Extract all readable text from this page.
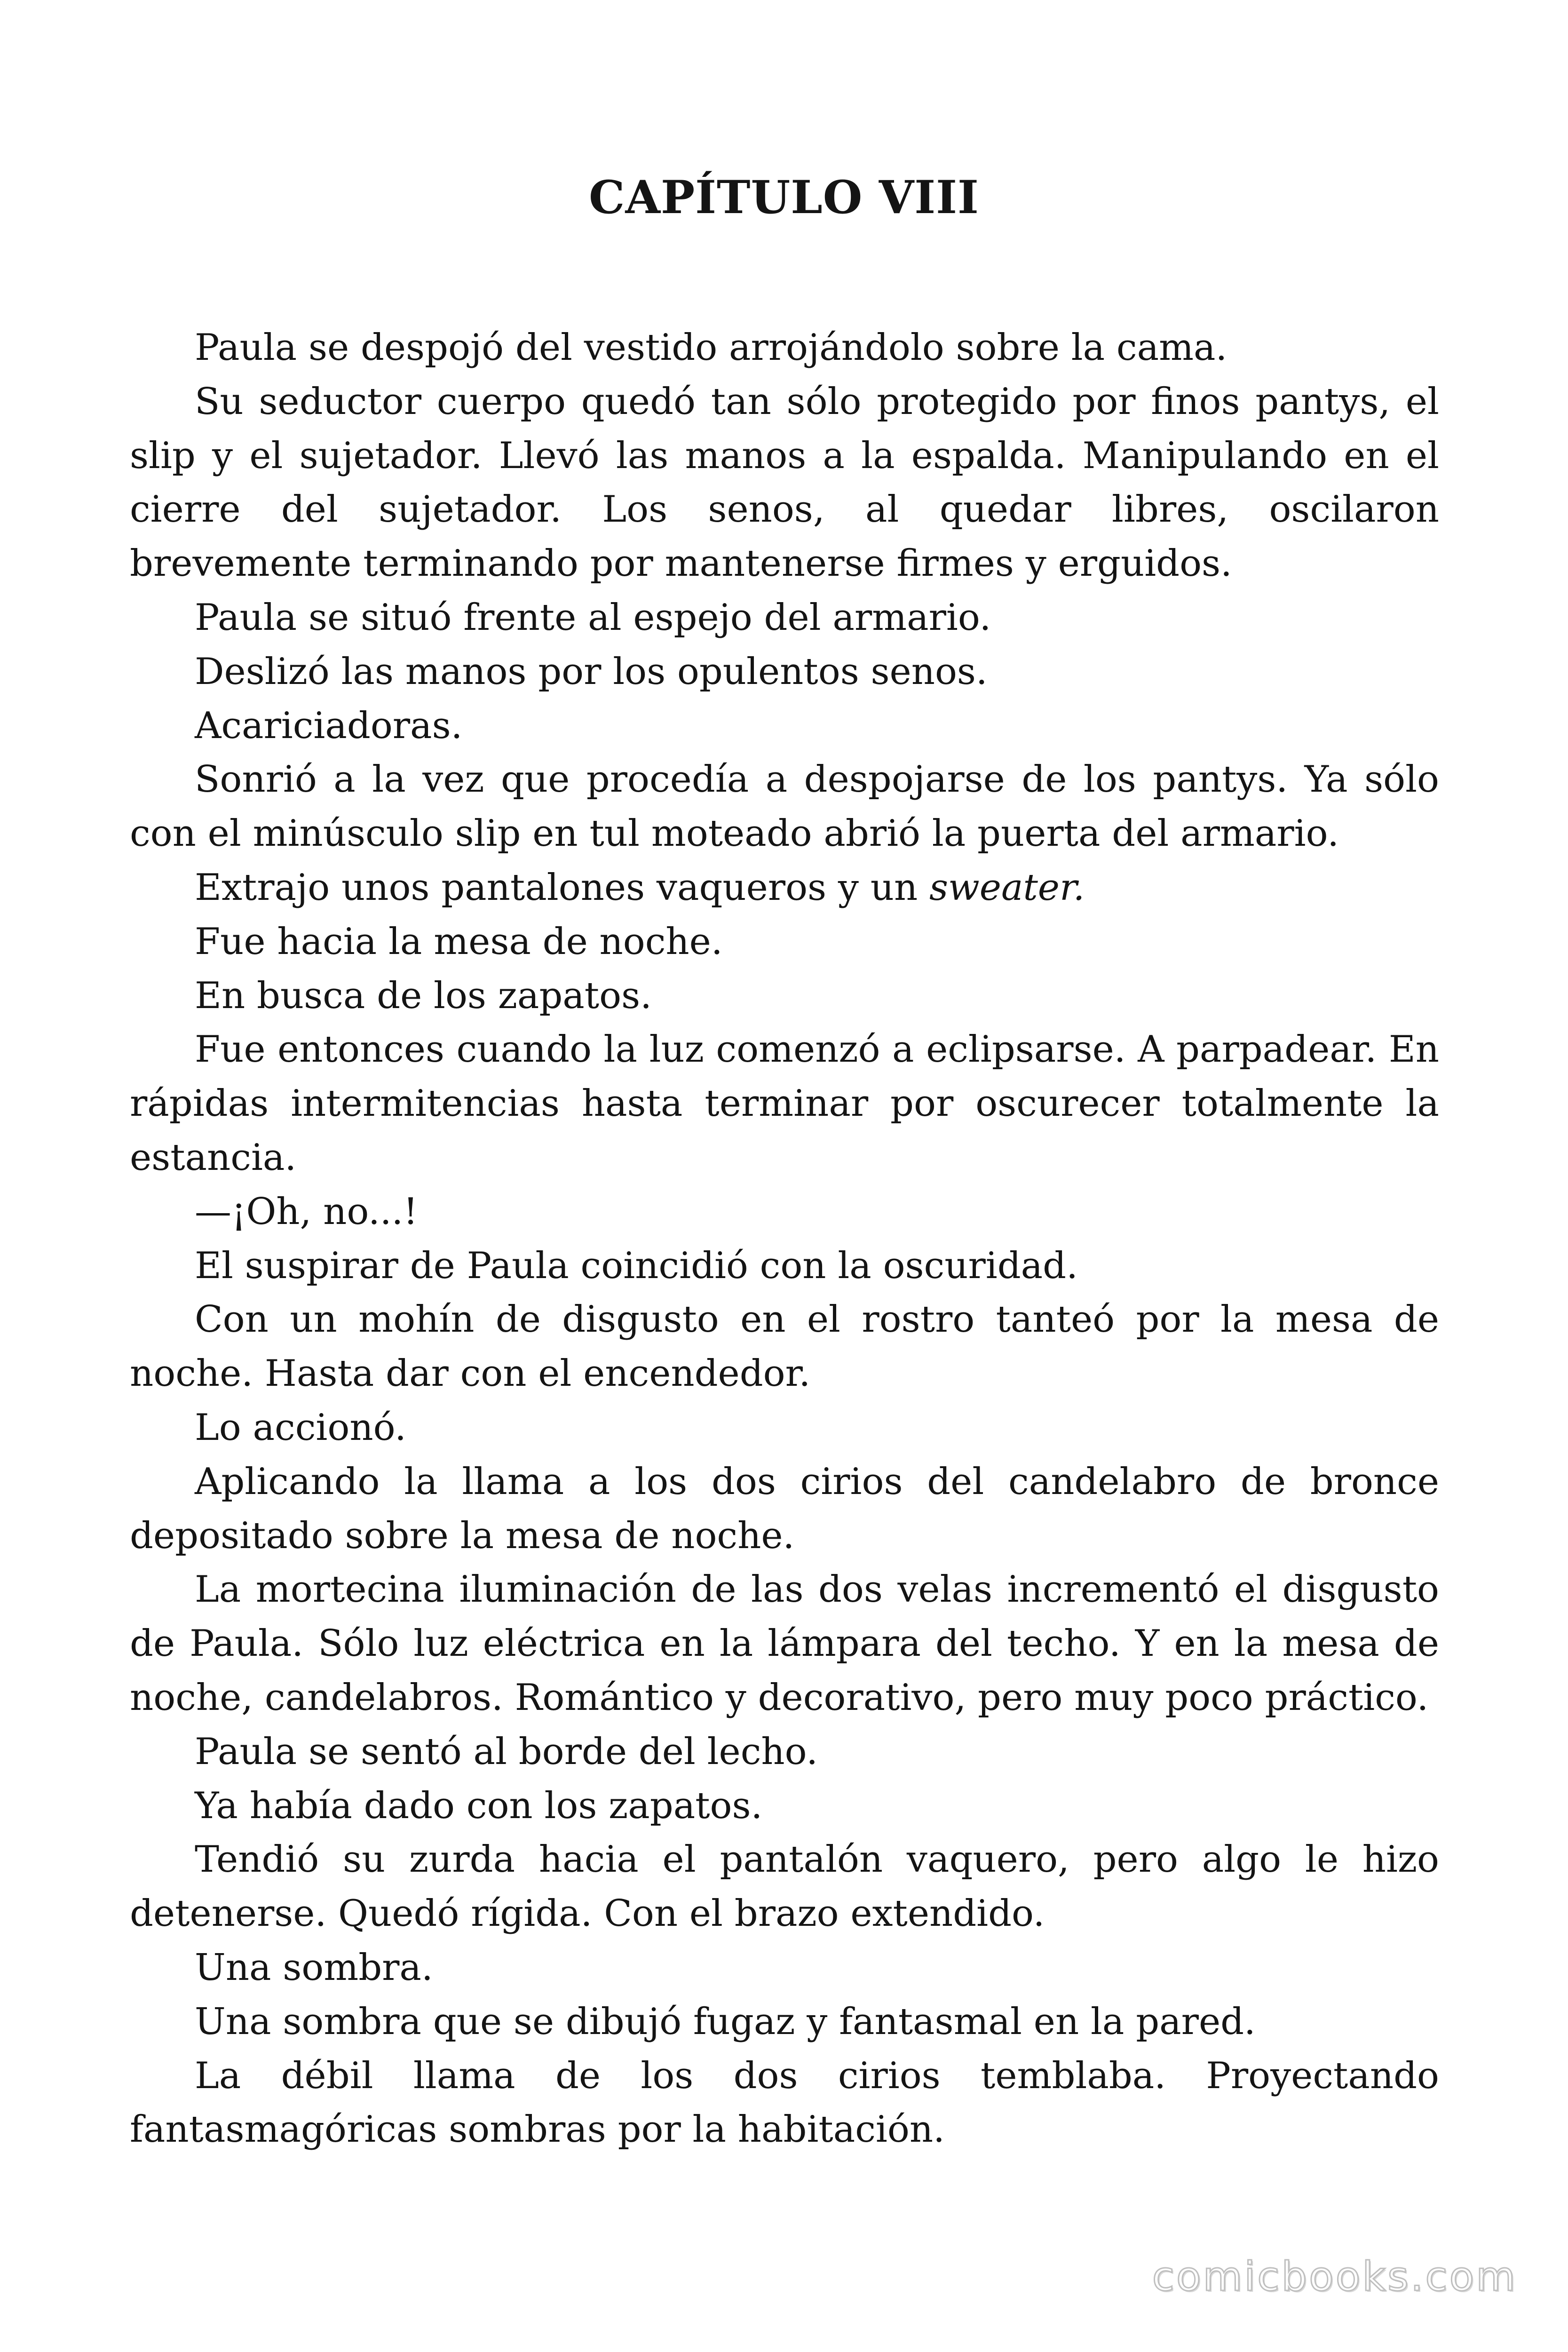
CAPÍTULO VIII

Paula se despojó del vestido arrojándolo sobre la cama.

Su seductor cuerpo quedó tan sólo protegido por finos pantys, el slip y el sujetador. Llevó las manos a la espalda. Manipulando en el cierre del sujetador. Los senos, al quedar libres, oscilaron brevemente terminando por mantenerse firmes y erguidos.

Paula se situó frente al espejo del armario.

Deslizó las manos por los opulentos senos.

Acariciadoras.

Sonrió a la vez que procedía a despojarse de los pantys. Ya sólo con el minúsculo slip en tul moteado abrió la puerta del armario.

Extrajo unos pantalones vaqueros y un sweater.

Fue hacia la mesa de noche.

En busca de los zapatos.

Fue entonces cuando la luz comenzó a eclipsarse. A parpadear. En rápidas intermitencias hasta terminar por oscurecer totalmente la estancia.

—¡Oh, no...!

El suspirar de Paula coincidió con la oscuridad.

Con un mohín de disgusto en el rostro tanteó por la mesa de noche. Hasta dar con el encendedor.

Lo accionó.

Aplicando la llama a los dos cirios del candelabro de bronce depositado sobre la mesa de noche.

La mortecina iluminación de las dos velas incrementó el disgusto de Paula. Sólo luz eléctrica en la lámpara del techo. Y en la mesa de noche, candelabros. Romántico y decorativo, pero muy poco práctico.

Paula se sentó al borde del lecho.

Ya había dado con los zapatos.

Tendió su zurda hacia el pantalón vaquero, pero algo le hizo detenerse. Quedó rígida. Con el brazo extendido.

Una sombra.

Una sombra que se dibujó fugaz y fantasmal en la pared.

La débil llama de los dos cirios temblaba. Proyectando fantasmagóricas sombras por la habitación.

comicbooks.com
